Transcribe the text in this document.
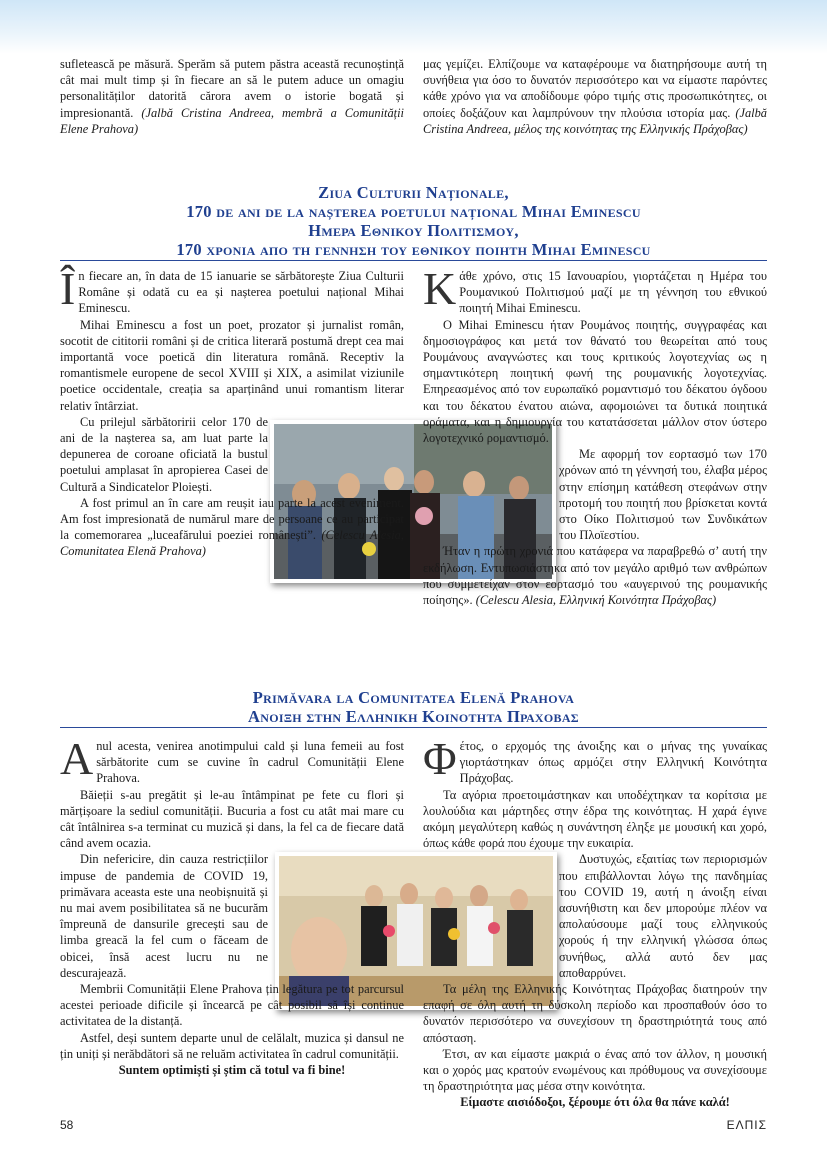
sufletească pe măsură. Sperăm să putem păstra această recunoștință cât mai mult timp și în fiecare an să le putem aduce un omagiu personalităților datorită cărora avem o istorie bogată și impresionantă. (Jalbă Cristina Andreea, membră a Comunității Elene Prahova)

μας γεμίζει. Ελπίζουμε να καταφέρουμε να διατηρήσουμε αυτή τη συνήθεια για όσο το δυνατόν περισσότερο και να είμαστε παρόντες κάθε χρόνο για να αποδίδουμε φόρο τιμής στις προσωπικότητες, οι οποίες δοξάζουν και λαμπρύνουν την πλούσια ιστορία μας. (Jalbă Cristina Andreea, μέλος της κοινότητας της Ελληνικής Πράχοβας)

Ziua Culturii Naționale,
170 de ani de la nașterea poetului național Mihai Eminescu
Ημερα Εθνικου Πολιτισμου,
170 χρονια απο τη γεννηση του εθνικου ποιητη Mihai Eminescu

În fiecare an, în data de 15 ianuarie se sărbătorește Ziua Culturii Române și odată cu ea și nașterea poetului național Mihai Eminescu.

Mihai Eminescu a fost un poet, prozator și jurnalist român, socotit de cititorii români și de critica literară postumă drept cea mai importantă voce poetică din literatura română. Receptiv la romantismele europene de secol XVIII și XIX, a asimilat viziunile poetice occidentale, creația sa aparținând unui romantism literar relativ întârziat.

Cu prilejul sărbătoririi celor 170 de ani de la nașterea sa, am luat parte la depunerea de coroane oficiată la bustul poetului amplasat în apropierea Casei de Cultură a Sindicatelor Ploiești.

A fost primul an în care am reușit iau parte la acest eveniment. Am fost impresionată de numărul mare de persoane ce au participat la comemorarea „luceafărului poeziei românești”. (Celescu Alesia, Comunitatea Elenă Prahova)

Κάθε χρόνο, στις 15 Ιανουαρίου, γιορτάζεται η Ημέρα του Ρουμανικού Πολιτισμού μαζί με τη γέννηση του εθνικού ποιητή Mihai Eminescu.

Ο Mihai Eminescu ήταν Ρουμάνος ποιητής, συγγραφέας και δημοσιογράφος και μετά τον θάνατό του θεωρείται από τους Ρουμάνους αναγνώστες και τους κριτικούς λογοτεχνίας ως η σημαντικότερη ποιητική φωνή της ρουμανικής λογοτεχνίας. Επηρεασμένος από τον ευρωπαϊκό ρομαντισμό του δέκατου όγδοου και του δέκατου ένατου αιώνα, αφομοιώνει τα δυτικά ποιητικά οράματα, και η δημιουργία του κατατάσσεται μάλλον στον ύστερο λογοτεχνικό ρομαντισμό.

Με αφορμή τον εορτασμό των 170 χρόνων από τη γέννησή του, έλαβα μέρος στην επίσημη κατάθεση στεφάνων στην προτομή του ποιητή που βρίσκεται κοντά στο Οίκο Πολιτισμού των Συνδικάτων του Πλοϊεστίου.

Ήταν η πρώτη χρονιά που κατάφερα να παραβρεθώ σ’ αυτή την εκδήλωση. Εντυπωσιάστηκα από τον μεγάλο αριθμό των ανθρώπων που συμμετείχαν στον εορτασμό του «αυγερινού της ρουμανικής ποίησης». (Celescu Alesia, Ελληνική Κοινότητα Πράχοβας)

Primăvara la Comunitatea Elenă Prahova
Ανοιξη στην Ελληνικη Κοινοτητα Πραχοβας

Anul acesta, venirea anotimpului cald și luna femeii au fost sărbătorite cum se cuvine în cadrul Comunității Elene Prahova.

Băieții s-au pregătit și le-au întâmpinat pe fete cu flori și mărțișoare la sediul comunității. Bucuria a fost cu atât mai mare cu cât întâlnirea s-a terminat cu muzică și dans, la fel ca de fiecare dată când avem ocazia.

Din nefericire, din cauza restricțiilor impuse de pandemia de COVID 19, primăvara aceasta este una neobișnuită și nu mai avem posibilitatea să ne bucurăm împreună de dansurile grecești sau de limba greacă la fel cum o făceam de obicei, însă acest lucru nu ne descurajează.

Membrii Comunității Elene Prahova țin legătura pe tot parcursul acestei perioade dificile și încearcă pe cât posibil să își continue activitatea de la distanță.

Astfel, deși suntem departe unul de celălalt, muzica și dansul ne țin uniți și nerăbdători să ne reluăm activitatea în cadrul comunității.

Suntem optimiști și știm că totul va fi bine!

Φέτος, ο ερχομός της άνοιξης και ο μήνας της γυναίκας γιορτάστηκαν όπως αρμόζει στην Ελληνική Κοινότητα Πράχοβας.

Τα αγόρια προετοιμάστηκαν και υποδέχτηκαν τα κορίτσια με λουλούδια και μάρτηδες στην έδρα της κοινότητας. Η χαρά έγινε ακόμη μεγαλύτερη καθώς η συνάντηση έληξε με μουσική και χορό, όπως κάθε φορά που έχουμε την ευκαιρία.

Δυστυχώς, εξαιτίας των περιορισμών που επιβάλλονται λόγω της πανδημίας του COVID 19, αυτή η άνοιξη είναι ασυνήθιστη και δεν μπορούμε πλέον να απολαύσουμε μαζί τους ελληνικούς χορούς ή την ελληνική γλώσσα όπως συνήθως, αλλά αυτό δεν μας αποθαρρύνει.

Τα μέλη της Ελληνικής Κοινότητας Πράχοβας διατηρούν την επαφή σε όλη αυτή τη δύσκολη περίοδο και προσπαθούν όσο το δυνατόν περισσότερο να συνεχίσουν τη δραστηριότητά τους από απόσταση.

Έτσι, αν και είμαστε μακριά ο ένας από τον άλλον, η μουσική και ο χορός μας κρατούν ενωμένους και πρόθυμους να συνεχίσουμε τη δραστηριότητα μας μέσα στην κοινότητα.

Είμαστε αισιόδοξοι, ξέρουμε ότι όλα θα πάνε καλά!

58	ΕΛΠΙΣ
